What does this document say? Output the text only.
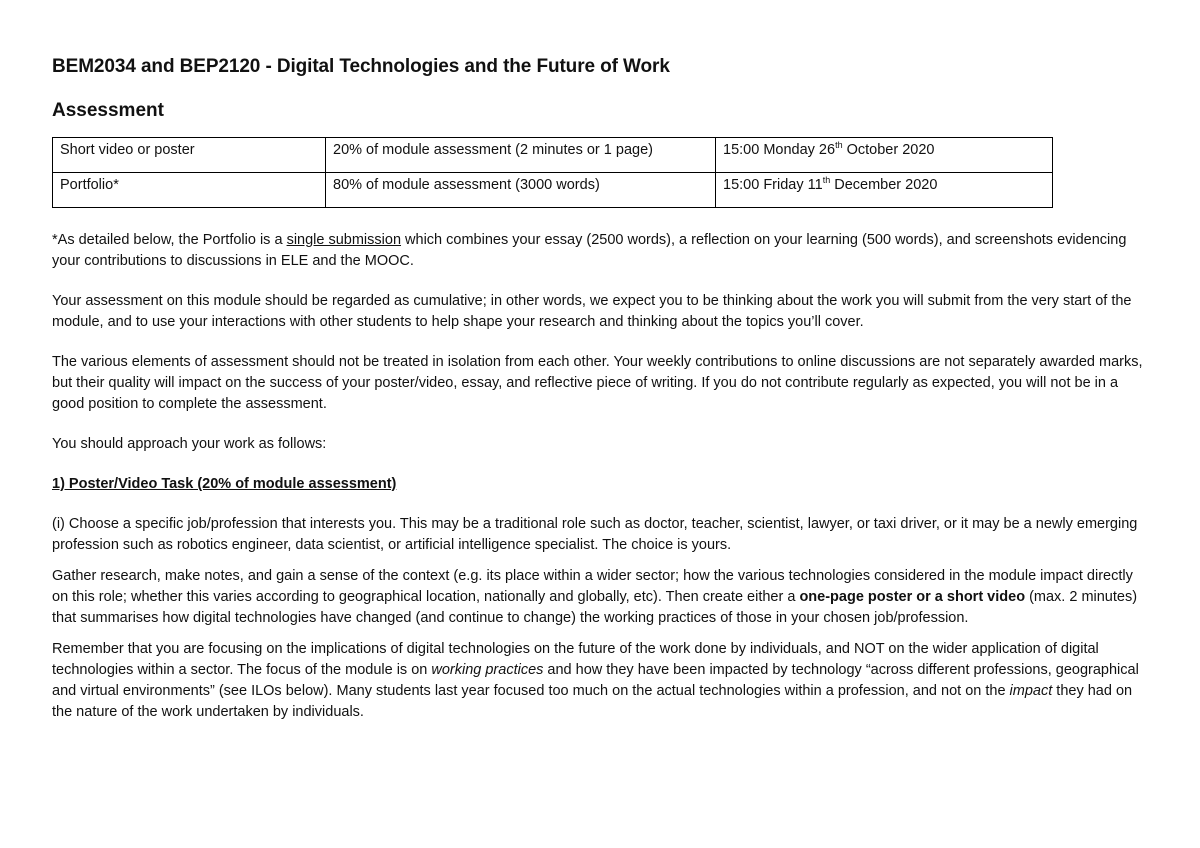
BEM2034 and BEP2120 - Digital Technologies and the Future of Work
Assessment
Short video or poster	20% of module assessment (2 minutes or 1 page)	15:00 Monday 26th October 2020
Portfolio*	80% of module assessment (3000 words)	15:00 Friday 11th December 2020

*As detailed below, the Portfolio is a single submission which combines your essay (2500 words), a reflection on your learning (500 words), and screenshots evidencing your contributions to discussions in ELE and the MOOC.

Your assessment on this module should be regarded as cumulative; in other words, we expect you to be thinking about the work you will submit from the very start of the module, and to use your interactions with other students to help shape your research and thinking about the topics you’ll cover.

The various elements of assessment should not be treated in isolation from each other. Your weekly contributions to online discussions are not separately awarded marks, but their quality will impact on the success of your poster/video, essay, and reflective piece of writing. If you do not contribute regularly as expected, you will not be in a good position to complete the assessment.

You should approach your work as follows:

1) Poster/Video Task (20% of module assessment)

(i) Choose a specific job/profession that interests you. This may be a traditional role such as doctor, teacher, scientist, lawyer, or taxi driver, or it may be a newly emerging profession such as robotics engineer, data scientist, or artificial intelligence specialist. The choice is yours.

Gather research, make notes, and gain a sense of the context (e.g. its place within a wider sector; how the various technologies considered in the module impact directly on this role; whether this varies according to geographical location, nationally and globally, etc). Then create either a one-page poster or a short video (max. 2 minutes) that summarises how digital technologies have changed (and continue to change) the working practices of those in your chosen job/profession.

Remember that you are focusing on the implications of digital technologies on the future of the work done by individuals, and NOT on the wider application of digital technologies within a sector. The focus of the module is on working practices and how they have been impacted by technology “across different professions, geographical and virtual environments” (see ILOs below). Many students last year focused too much on the actual technologies within a profession, and not on the impact they had on the nature of the work undertaken by individuals.
